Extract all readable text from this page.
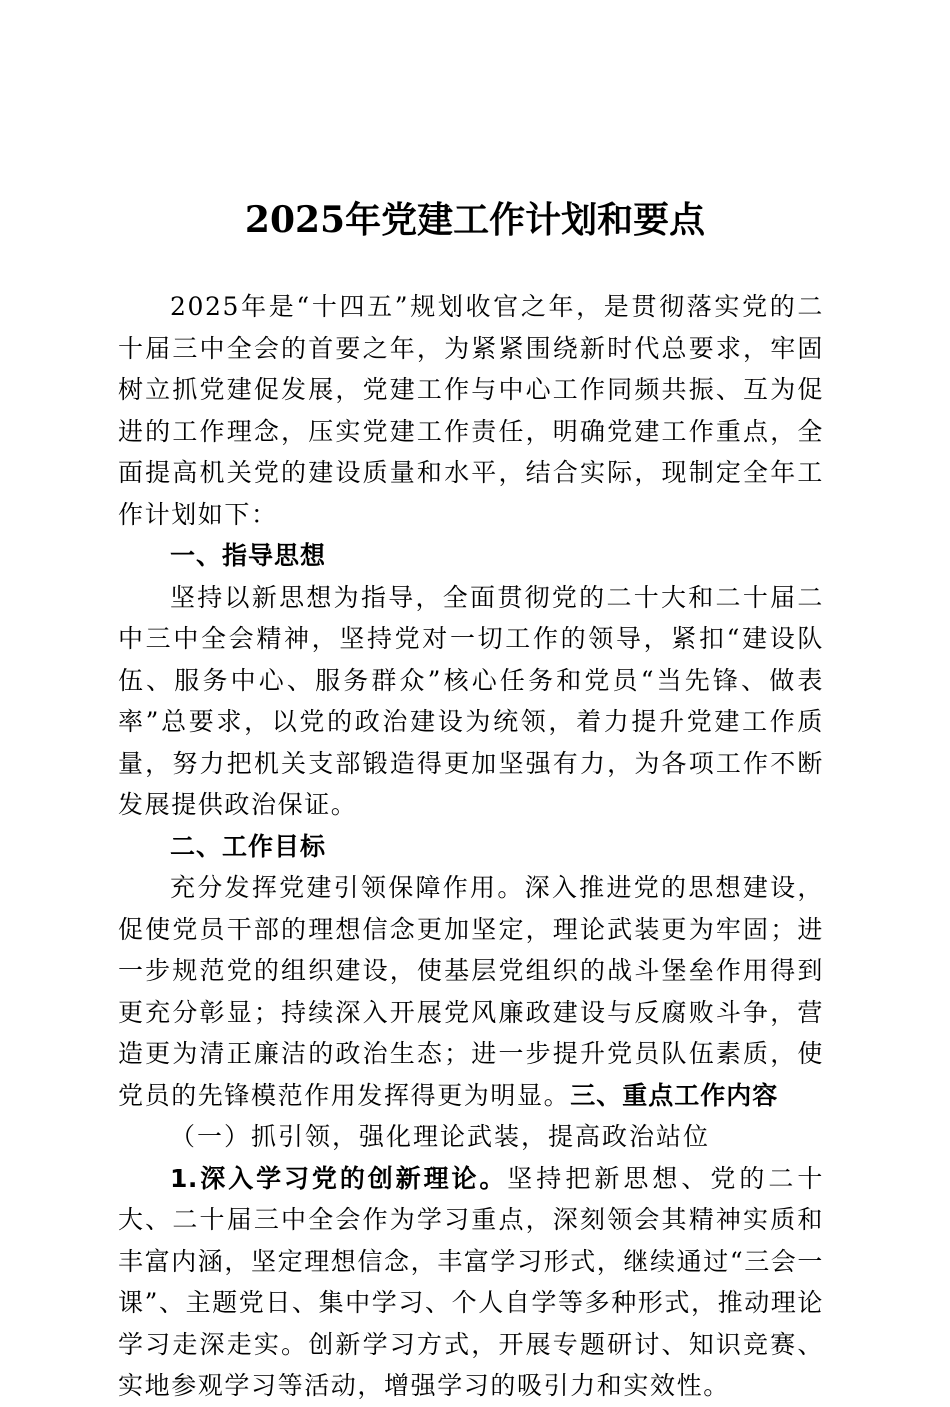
2025年党建工作计划和要点

2025年是“十四五”规划收官之年，是贯彻落实党的二十届三中全会的首要之年，为紧紧围绕新时代总要求，牢固树立抓党建促发展，党建工作与中心工作同频共振、互为促进的工作理念，压实党建工作责任，明确党建工作重点，全面提高机关党的建设质量和水平，结合实际，现制定全年工作计划如下：

一、指导思想

坚持以新思想为指导，全面贯彻党的二十大和二十届二中三中全会精神，坚持党对一切工作的领导，紧扣“建设队伍、服务中心、服务群众”核心任务和党员“当先锋、做表率”总要求，以党的政治建设为统领，着力提升党建工作质量，努力把机关支部锻造得更加坚强有力，为各项工作不断发展提供政治保证。

二、工作目标

充分发挥党建引领保障作用。深入推进党的思想建设，促使党员干部的理想信念更加坚定，理论武装更为牢固；进一步规范党的组织建设，使基层党组织的战斗堡垒作用得到更充分彰显；持续深入开展党风廉政建设与反腐败斗争，营造更为清正廉洁的政治生态；进一步提升党员队伍素质，使党员的先锋模范作用发挥得更为明显。三、重点工作内容

（一）抓引领，强化理论武装，提高政治站位

1.深入学习党的创新理论。坚持把新思想、党的二十大、二十届三中全会作为学习重点，深刻领会其精神实质和丰富内涵，坚定理想信念，丰富学习形式，继续通过“三会一课”、主题党日、集中学习、个人自学等多种形式，推动理论学习走深走实。创新学习方式，开展专题研讨、知识竞赛、实地参观学习等活动，增强学习的吸引力和实效性。
